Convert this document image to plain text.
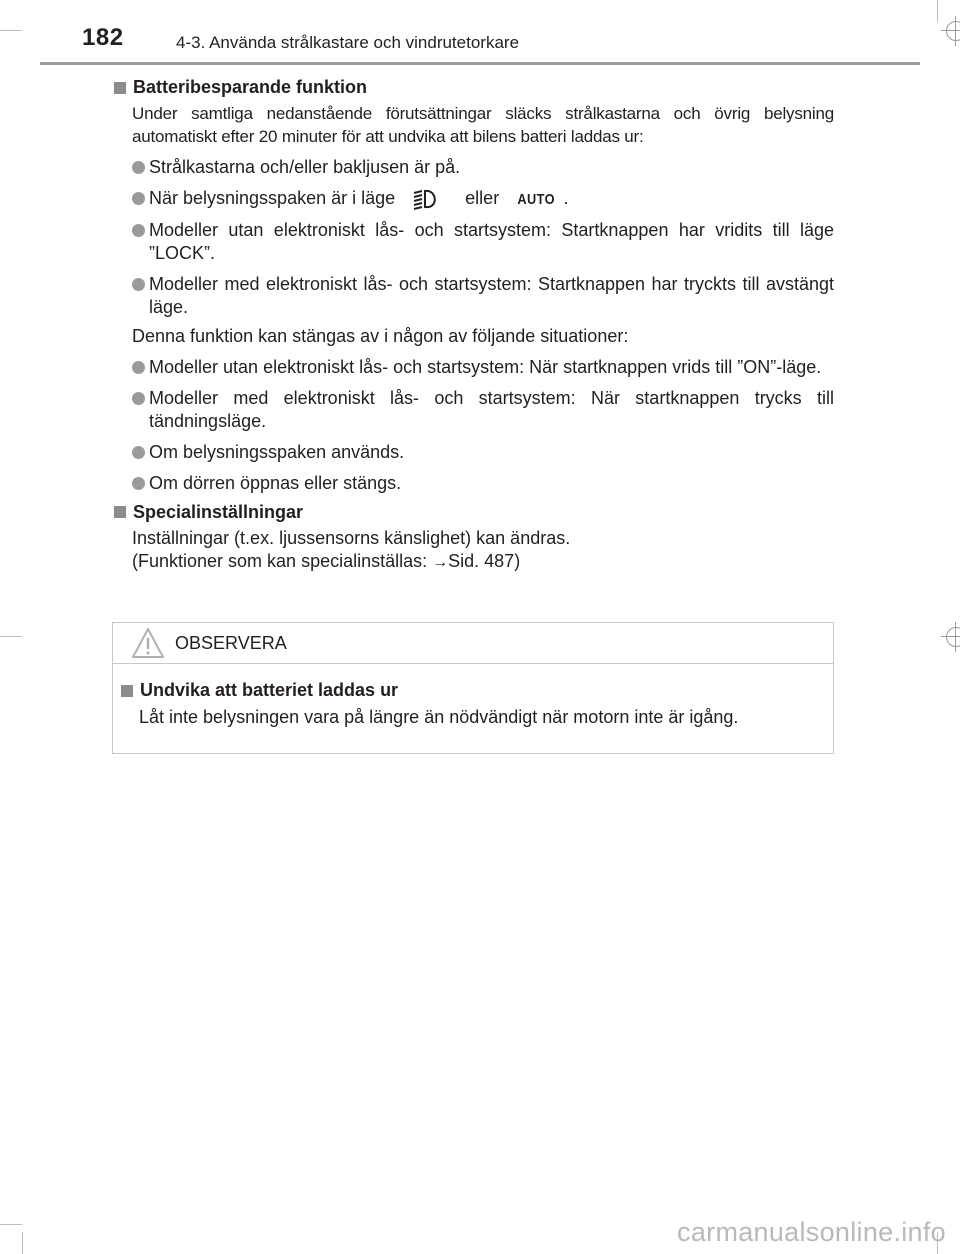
182	4-3. Använda strålkastare och vindrutetorkare
Batteribesparande funktion
Under samtliga nedanstående förutsättningar släcks strålkastarna och övrig belysning automatiskt efter 20 minuter för att undvika att bilens batteri laddas ur:
Strålkastarna och/eller bakljusen är på.
När belysningsspaken är i läge	eller AUTO .
Modeller utan elektroniskt lås- och startsystem: Startknappen har vridits till läge ”LOCK”.
Modeller med elektroniskt lås- och startsystem: Startknappen har tryckts till avstängt läge.
Denna funktion kan stängas av i någon av följande situationer:
Modeller utan elektroniskt lås- och startsystem: När startknappen vrids till ”ON”-läge.
Modeller med elektroniskt lås- och startsystem: När startknappen trycks till tändningsläge.
Om belysningsspaken används.
Om dörren öppnas eller stängs.
Specialinställningar
Inställningar (t.ex. ljussensorns känslighet) kan ändras.
(Funktioner som kan specialinställas: →Sid. 487)
OBSERVERA
Undvika att batteriet laddas ur
Låt inte belysningen vara på längre än nödvändigt när motorn inte är igång.
carmanualsonline.info
